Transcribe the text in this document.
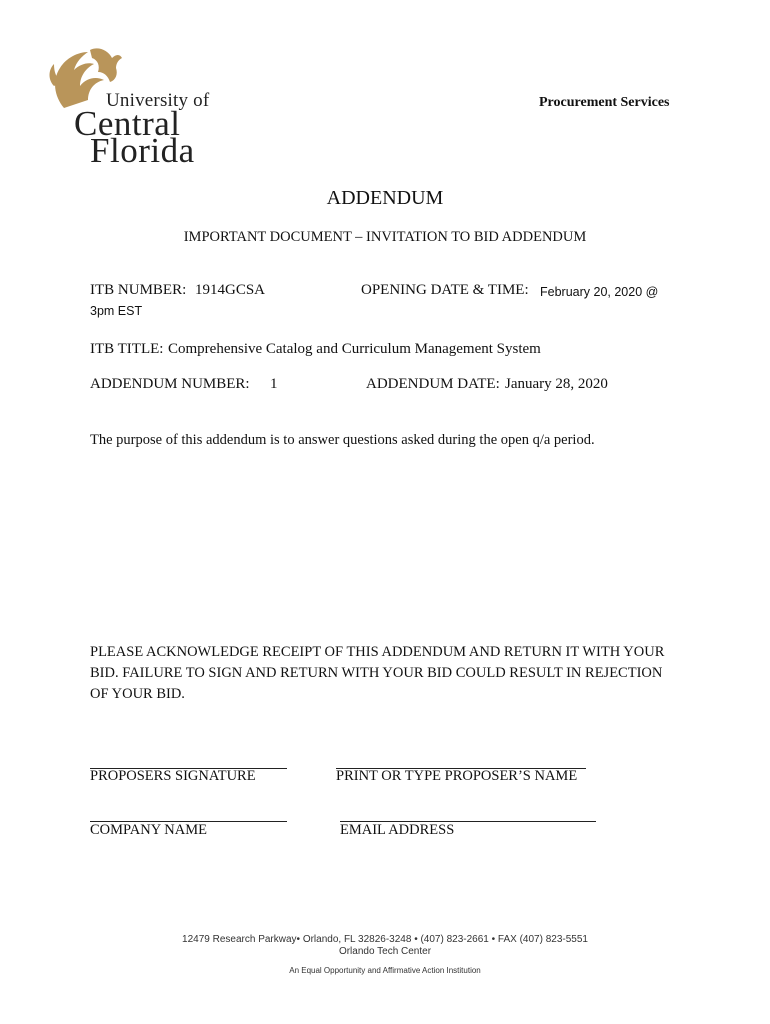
University of
Central
Florida
Procurement Services
ADDENDUM
IMPORTANT DOCUMENT – INVITATION TO BID ADDENDUM
ITB NUMBER: 1914GCSA	OPENING DATE & TIME: February 20, 2020 @
3pm EST
ITB TITLE: Comprehensive Catalog and Curriculum Management System
ADDENDUM NUMBER: 1	ADDENDUM DATE: January 28, 2020
The purpose of this addendum is to answer questions asked during the open q/a period.
PLEASE ACKNOWLEDGE RECEIPT OF THIS ADDENDUM AND RETURN IT WITH YOUR BID. FAILURE TO SIGN AND RETURN WITH YOUR BID COULD RESULT IN REJECTION OF YOUR BID.
PROPOSERS SIGNATURE	PRINT OR TYPE PROPOSER’S NAME
COMPANY NAME	EMAIL ADDRESS
12479 Research Parkway• Orlando, FL 32826-3248 • (407) 823-2661 • FAX (407) 823-5551
Orlando Tech Center
An Equal Opportunity and Affirmative Action Institution
